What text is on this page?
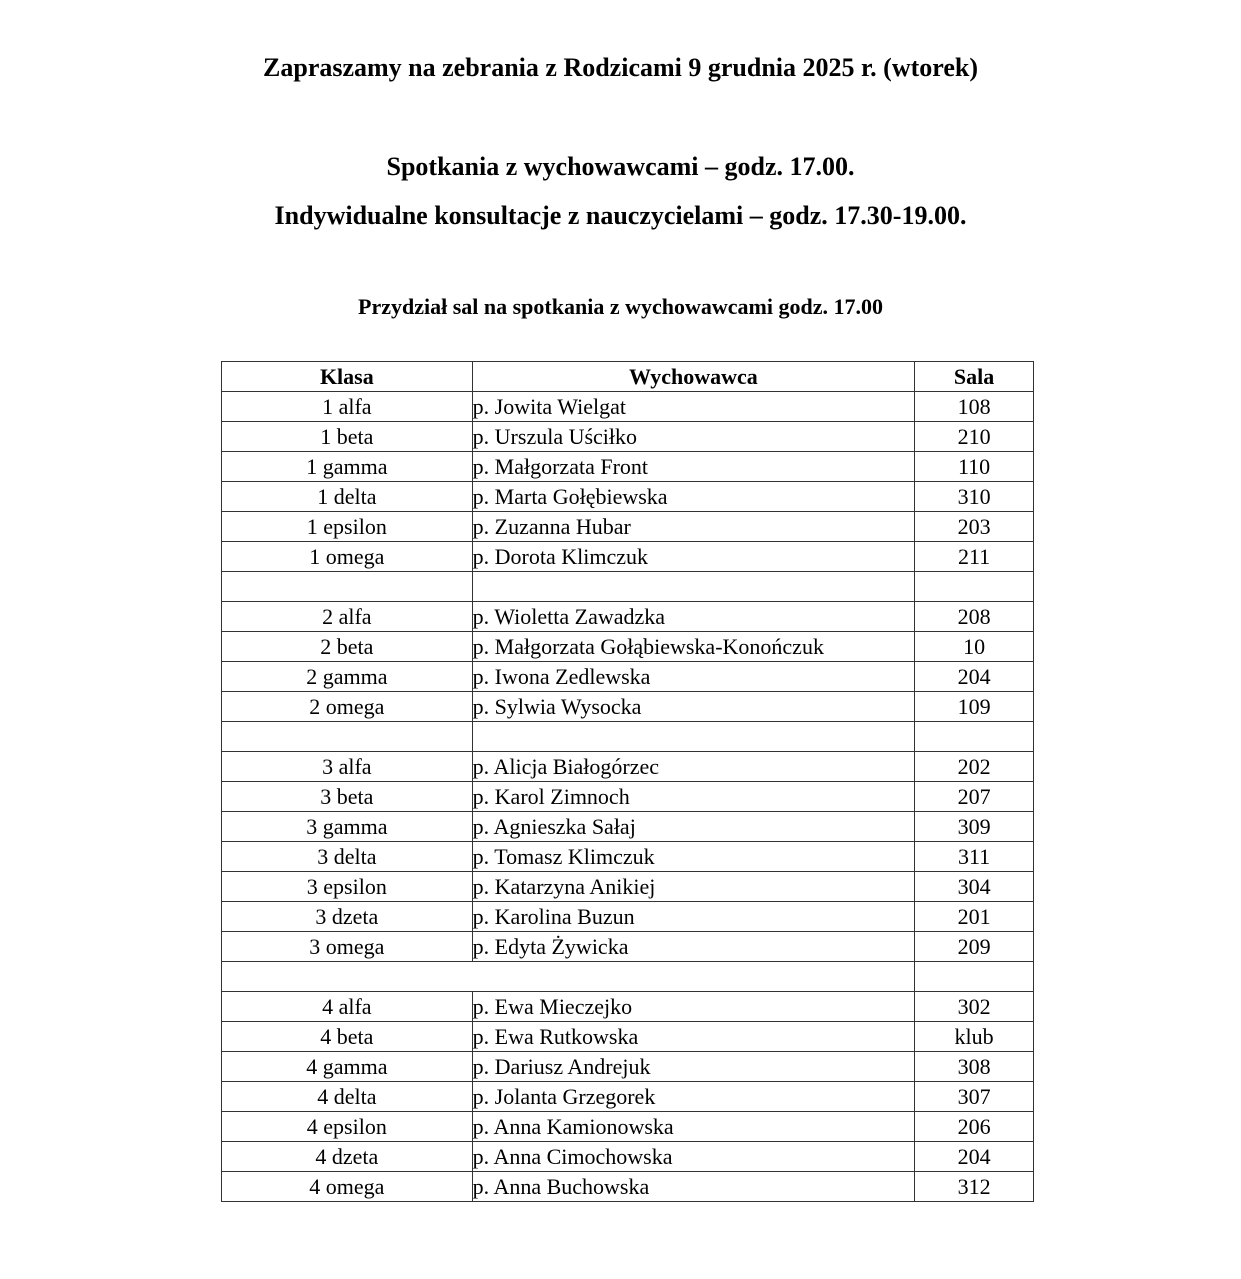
Zapraszamy na zebrania z Rodzicami 9 grudnia 2025 r. (wtorek)
Spotkania z wychowawcami – godz. 17.00.
Indywidualne konsultacje z nauczycielami – godz. 17.30-19.00.
Przydział sal na spotkania z wychowawcami godz. 17.00
Klasa	Wychowawca	Sala
1 alfa	p. Jowita Wielgat	108
1 beta	p. Urszula Uściłko	210
1 gamma	p. Małgorzata Front	110
1 delta	p. Marta Gołębiewska	310
1 epsilon	p. Zuzanna Hubar	203
1 omega	p. Dorota Klimczuk	211

2 alfa	p. Wioletta Zawadzka	208
2 beta	p. Małgorzata Gołąbiewska-Konończuk	10
2 gamma	p. Iwona Zedlewska	204
2 omega	p. Sylwia Wysocka	109

3 alfa	p. Alicja Białogórzec	202
3 beta	p. Karol Zimnoch	207
3 gamma	p. Agnieszka Sałaj	309
3 delta	p. Tomasz Klimczuk	311
3 epsilon	p. Katarzyna Anikiej	304
3 dzeta	p. Karolina Buzun	201
3 omega	p. Edyta Żywicka	209

4 alfa	p. Ewa Mieczejko	302
4 beta	p. Ewa Rutkowska	klub
4 gamma	p. Dariusz Andrejuk	308
4 delta	p. Jolanta Grzegorek	307
4 epsilon	p. Anna Kamionowska	206
4 dzeta	p. Anna Cimochowska	204
4 omega	p. Anna Buchowska	312
